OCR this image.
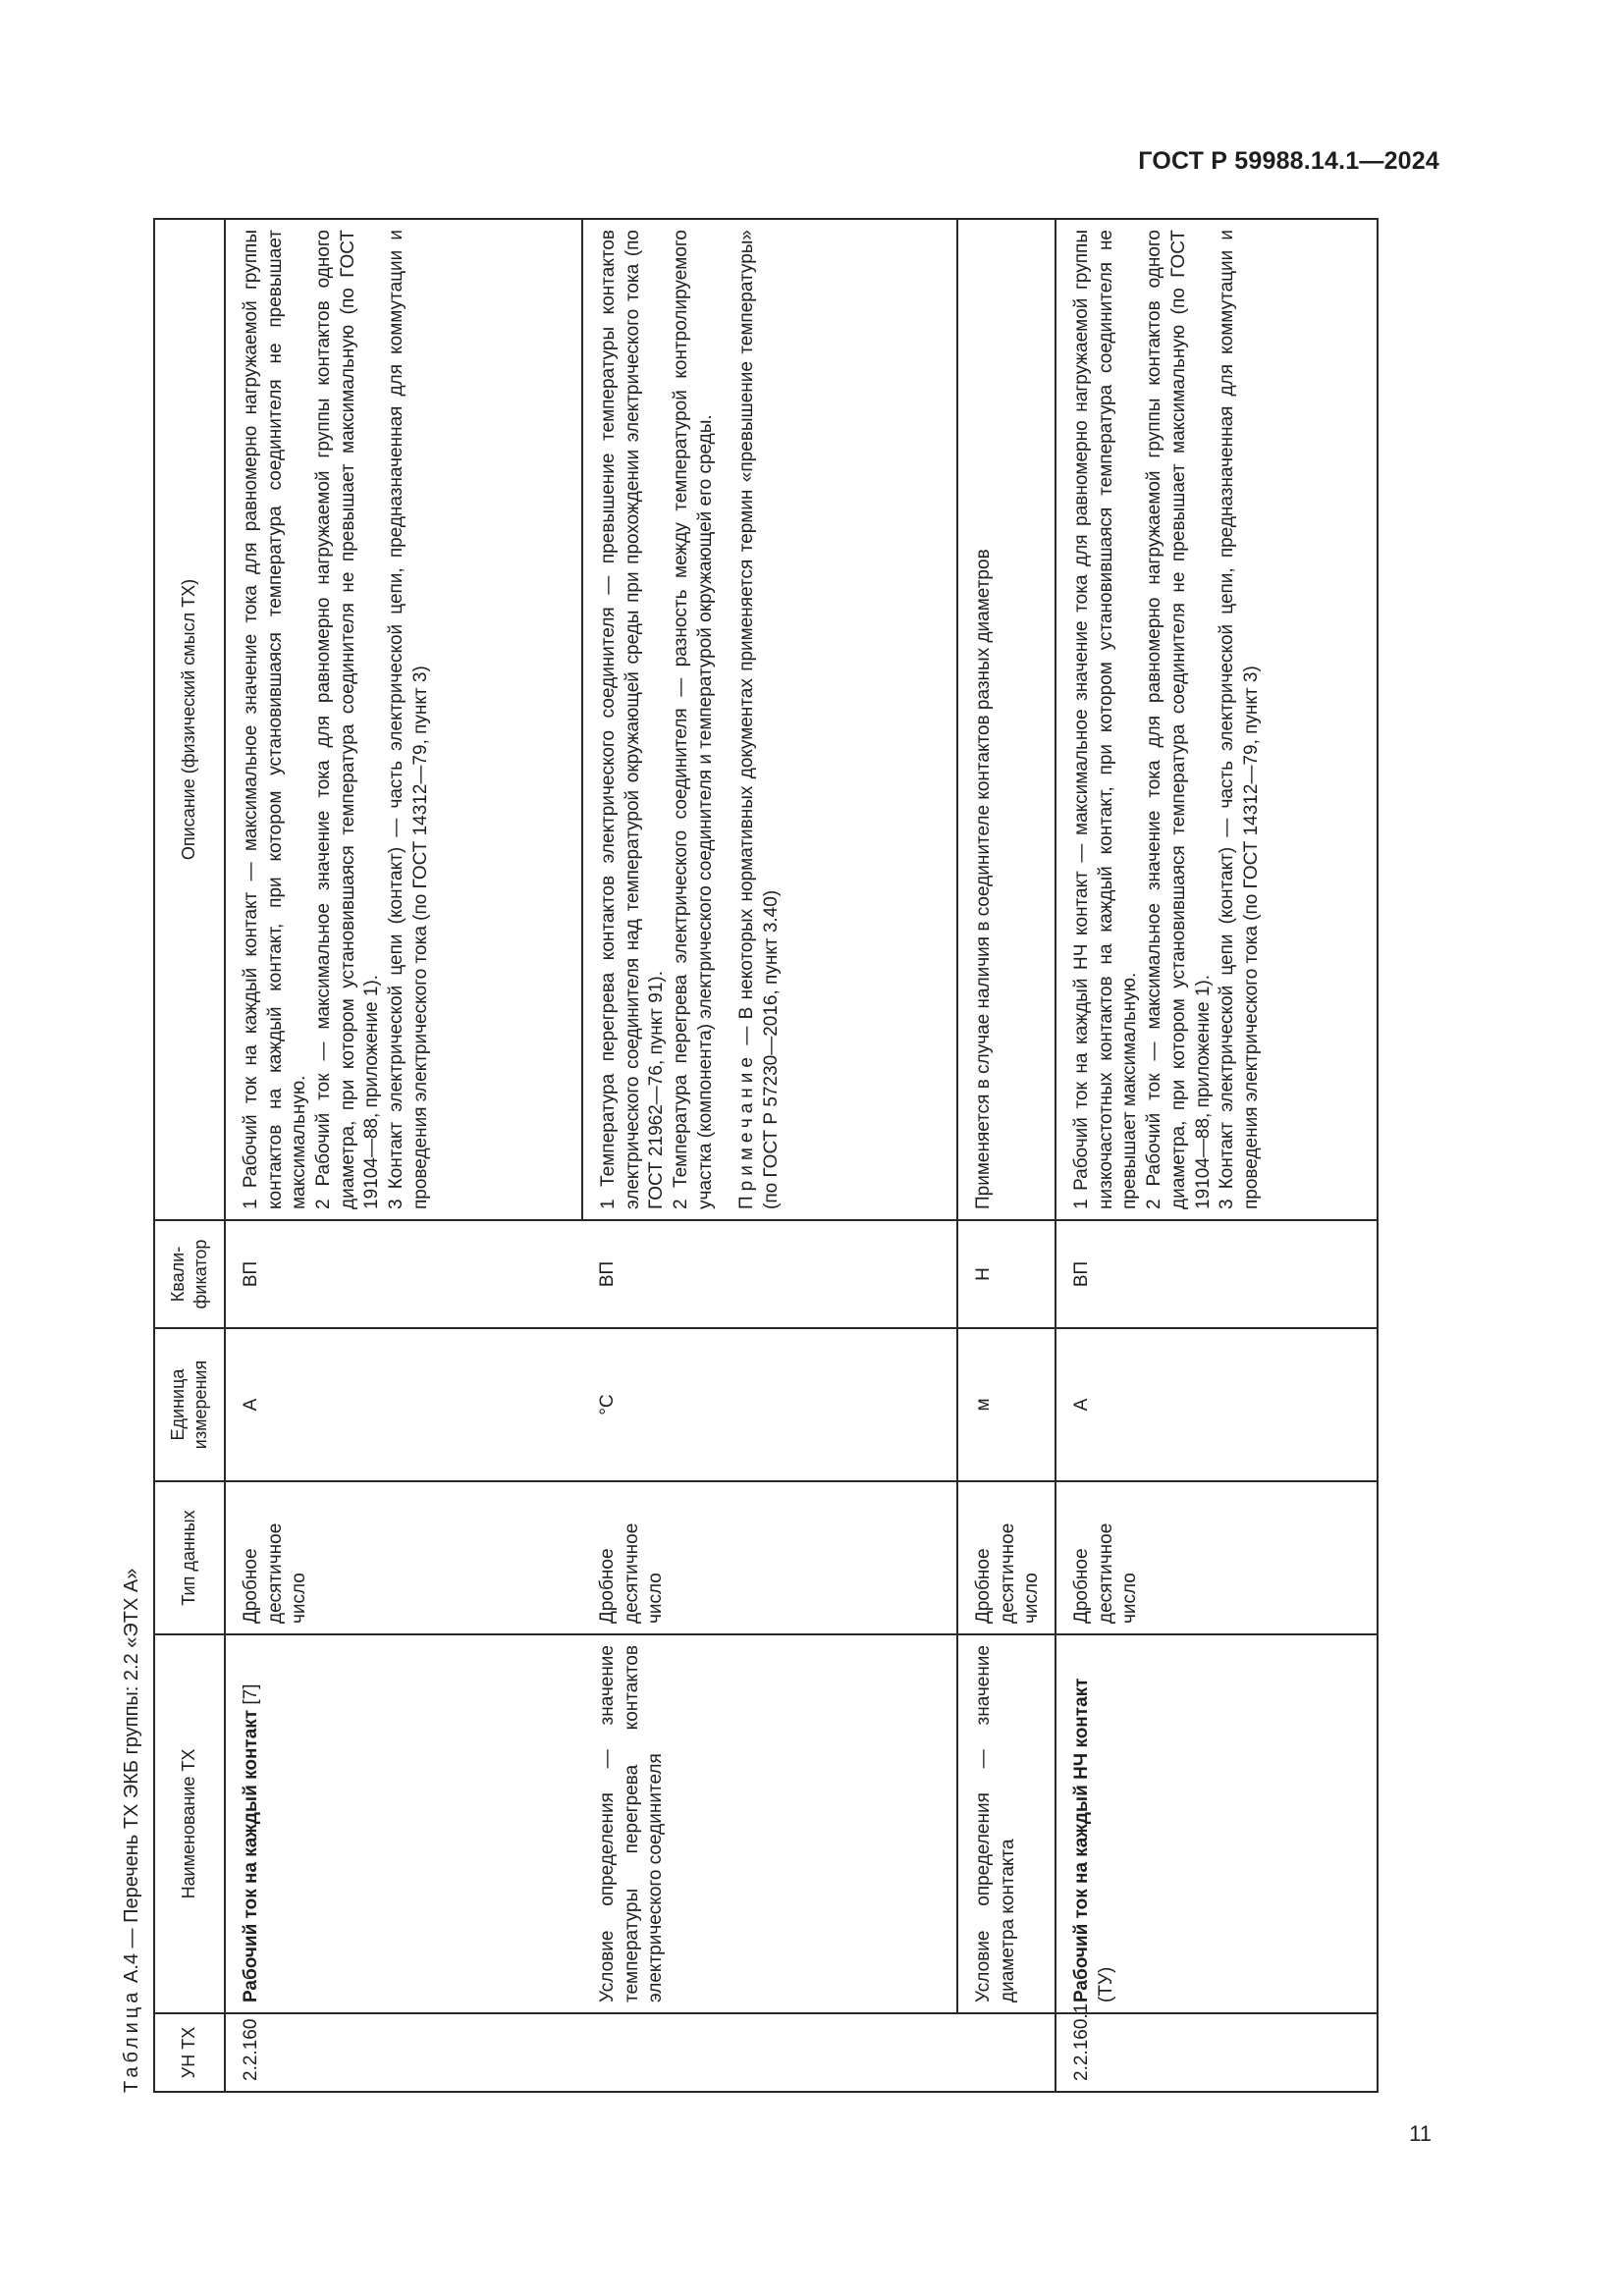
ГОСТ Р 59988.14.1—2024
Таблица А.4 — Перечень ТХ ЭКБ группы: 2.2 «ЭТХ А»
УН ТХ	Наименование ТХ	Тип данных	Единица измерения	Квали-фикатор	Описание (физический смысл ТХ)
2.2.160	Рабочий ток на каждый контакт [7]	Дробное десятичное число	А	ВП	1 Рабочий ток на каждый контакт — максимальное значение тока для равномерно нагружаемой группы контактов на каждый контакт, при котором установившаяся температура соединителя не превышает максимальную. 2 Рабочий ток — максимальное значение тока для равномерно нагружаемой группы контактов одного диаметра, при котором установившаяся температура соединителя не превышает максимальную (по ГОСТ 19104—88, приложение 1). 3 Контакт электрической цепи (контакт) — часть электрической цепи, предназначенная для коммутации и проведения электрического тока (по ГОСТ 14312—79, пункт 3)

	Условие определения — значение температуры перегрева контактов электрического соединителя	Дробное десятичное число	°С	ВП	1 Температура перегрева контактов электрического соединителя — превышение температуры контактов электрического соединителя над температурой окружающей среды при прохождении электрического тока (по ГОСТ 21962—76, пункт 91). 2 Температура перегрева электрического соединителя — разность между температурой контролируемого участка (компонента) электрического соединителя и температурой окружающей его среды. Примечание — В некоторых нормативных документах применяется термин «превышение температуры» (по ГОСТ Р 57230—2016, пункт 3.40)

	Условие определения — значение диаметра контакта	Дробное десятичное число	м	Н	Применяется в случае наличия в соединителе контактов разных диаметров

2.2.160.1	Рабочий ток на каждый НЧ контакт (ТУ)	Дробное десятичное число	А	ВП	1 Рабочий ток на каждый НЧ контакт — максимальное значение тока для равномерно нагружаемой группы низкочастотных контактов на каждый контакт, при котором установившаяся температура соединителя не превышает максимальную. 2 Рабочий ток — максимальное значение тока для равномерно нагружаемой группы контактов одного диаметра, при котором установившаяся температура соединителя не превышает максимальную (по ГОСТ 19104—88, приложение 1). 3 Контакт электрической цепи (контакт) — часть электрической цепи, предназначенная для коммутации и проведения электрического тока (по ГОСТ 14312—79, пункт 3)

11
